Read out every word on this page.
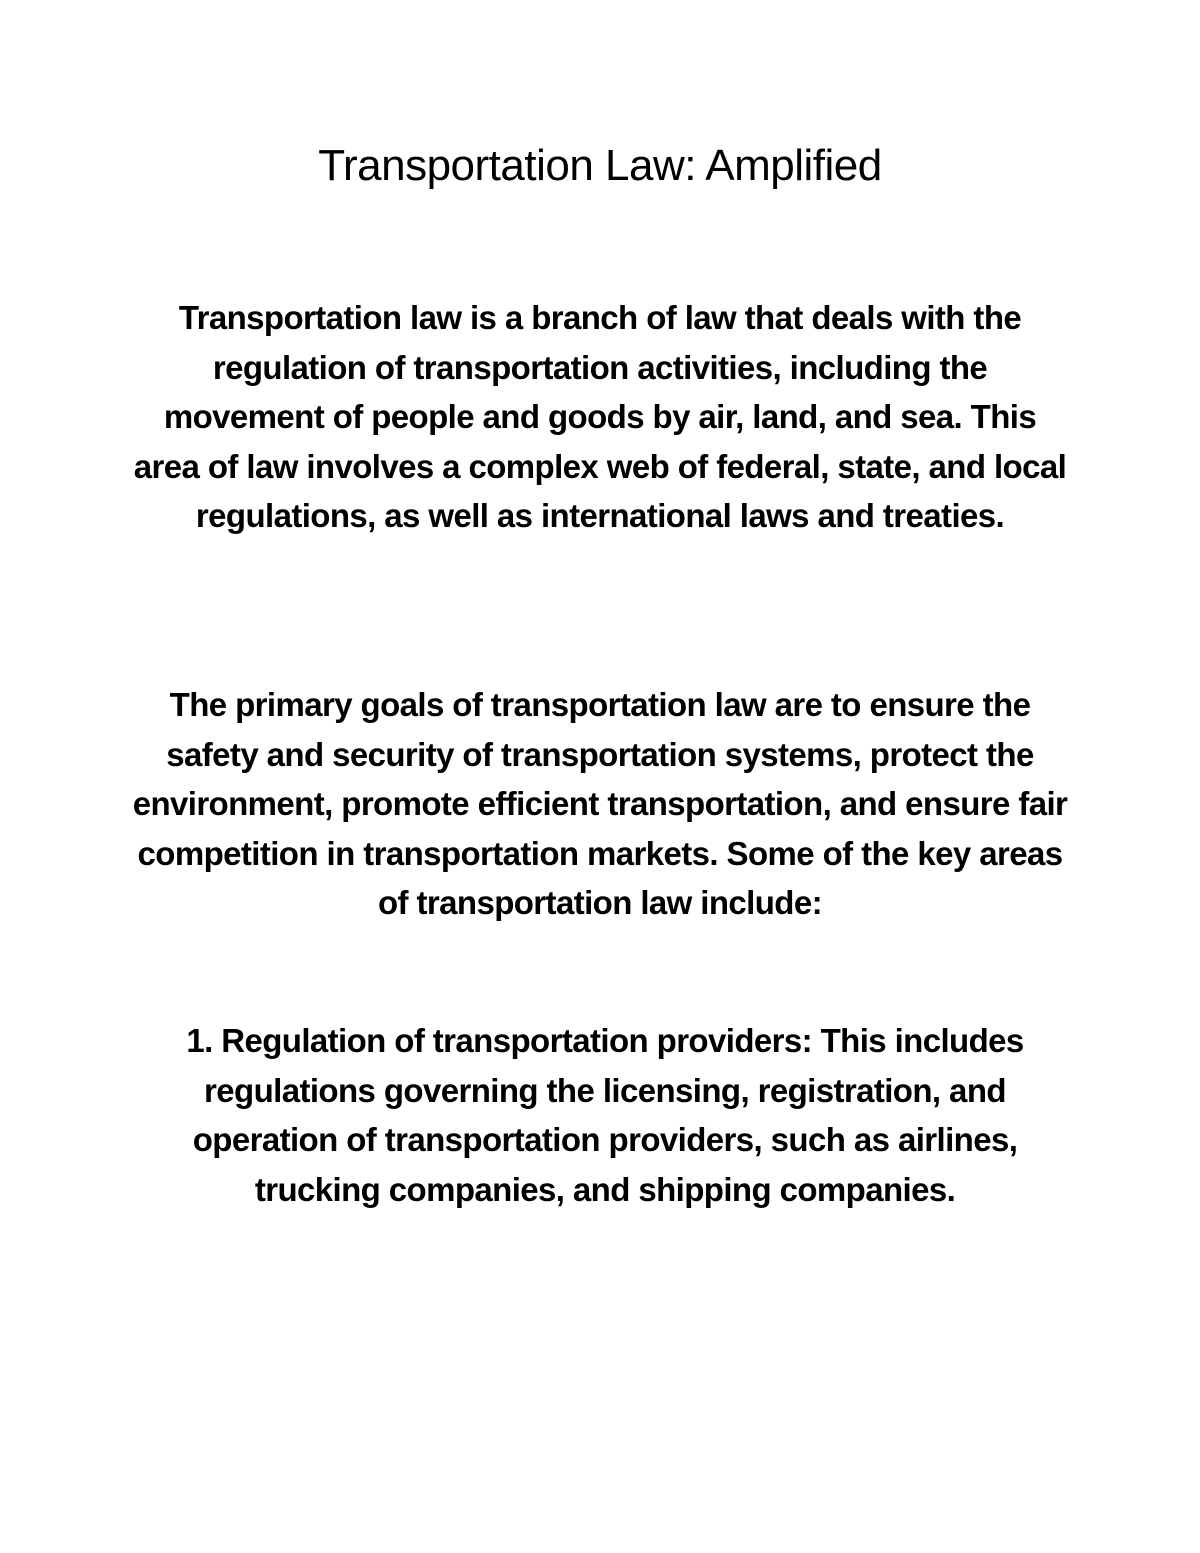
Transportation Law: Amplified

Transportation law is a branch of law that deals with the regulation of transportation activities, including the movement of people and goods by air, land, and sea. This area of law involves a complex web of federal, state, and local regulations, as well as international laws and treaties.

The primary goals of transportation law are to ensure the safety and security of transportation systems, protect the environment, promote efficient transportation, and ensure fair competition in transportation markets. Some of the key areas of transportation law include:

1. Regulation of transportation providers: This includes regulations governing the licensing, registration, and operation of transportation providers, such as airlines, trucking companies, and shipping companies.
